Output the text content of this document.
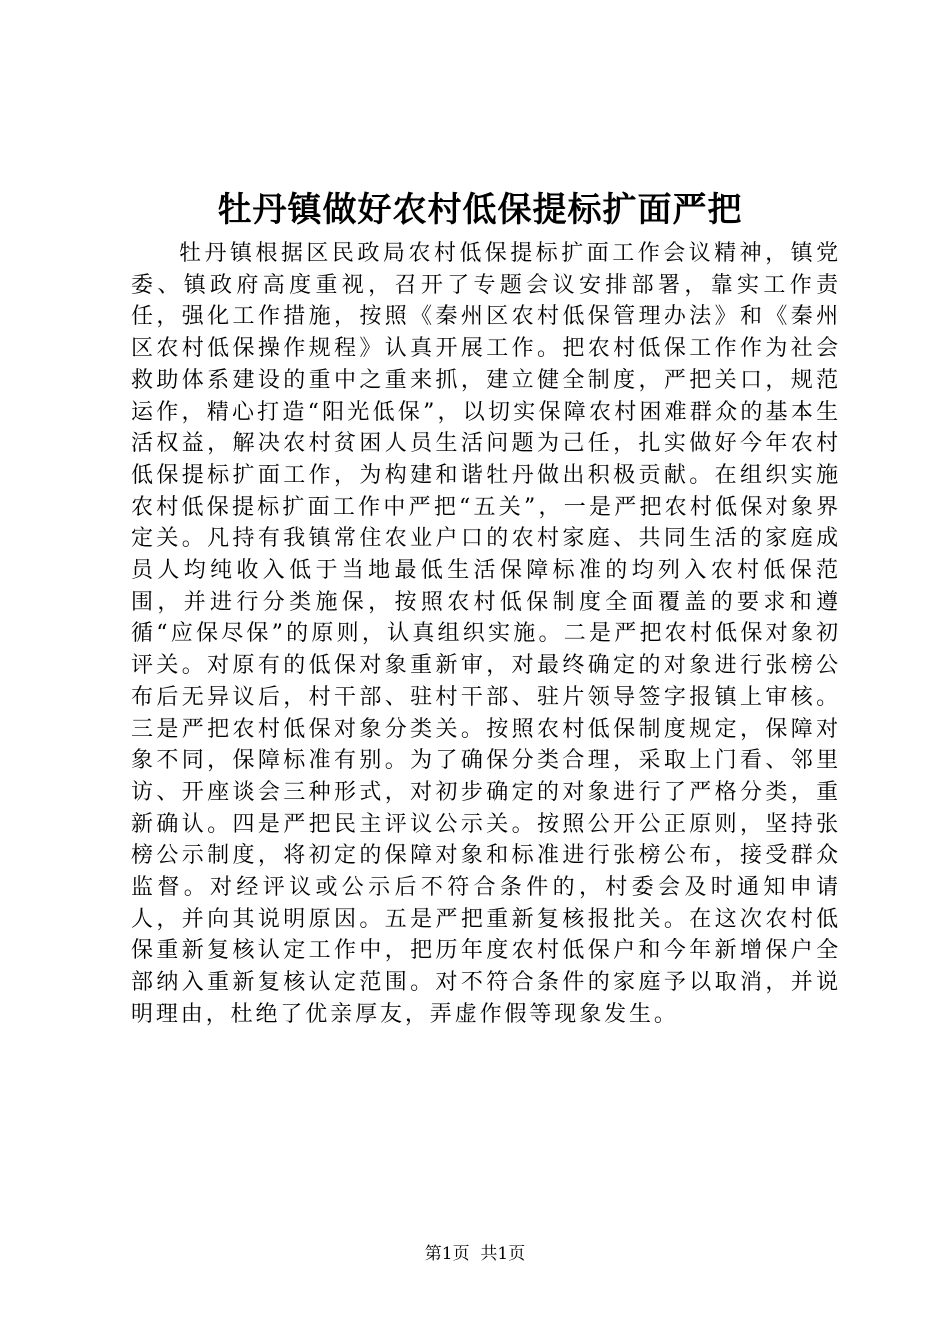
牡丹镇做好农村低保提标扩面严把

牡丹镇根据区民政局农村低保提标扩面工作会议精神，镇党委、镇政府高度重视，召开了专题会议安排部署，靠实工作责任，强化工作措施，按照《秦州区农村低保管理办法》和《秦州区农村低保操作规程》认真开展工作。把农村低保工作作为社会救助体系建设的重中之重来抓，建立健全制度，严把关口，规范运作，精心打造“阳光低保”，以切实保障农村困难群众的基本生活权益，解决农村贫困人员生活问题为己任，扎实做好今年农村低保提标扩面工作，为构建和谐牡丹做出积极贡献。在组织实施农村低保提标扩面工作中严把“五关”，一是严把农村低保对象界定关。凡持有我镇常住农业户口的农村家庭、共同生活的家庭成员人均纯收入低于当地最低生活保障标准的均列入农村低保范围，并进行分类施保，按照农村低保制度全面覆盖的要求和遵循“应保尽保”的原则，认真组织实施。二是严把农村低保对象初评关。对原有的低保对象重新审，对最终确定的对象进行张榜公布后无异议后，村干部、驻村干部、驻片领导签字报镇上审核。三是严把农村低保对象分类关。按照农村低保制度规定，保障对象不同，保障标准有别。为了确保分类合理，采取上门看、邻里访、开座谈会三种形式，对初步确定的对象进行了严格分类，重新确认。四是严把民主评议公示关。按照公开公正原则，坚持张榜公示制度，将初定的保障对象和标准进行张榜公布，接受群众监督。对经评议或公示后不符合条件的，村委会及时通知申请人，并向其说明原因。五是严把重新复核报批关。在这次农村低保重新复核认定工作中，把历年度农村低保户和今年新增保户全部纳入重新复核认定范围。对不符合条件的家庭予以取消，并说明理由，杜绝了优亲厚友，弄虚作假等现象发生。

第1页  共1页
